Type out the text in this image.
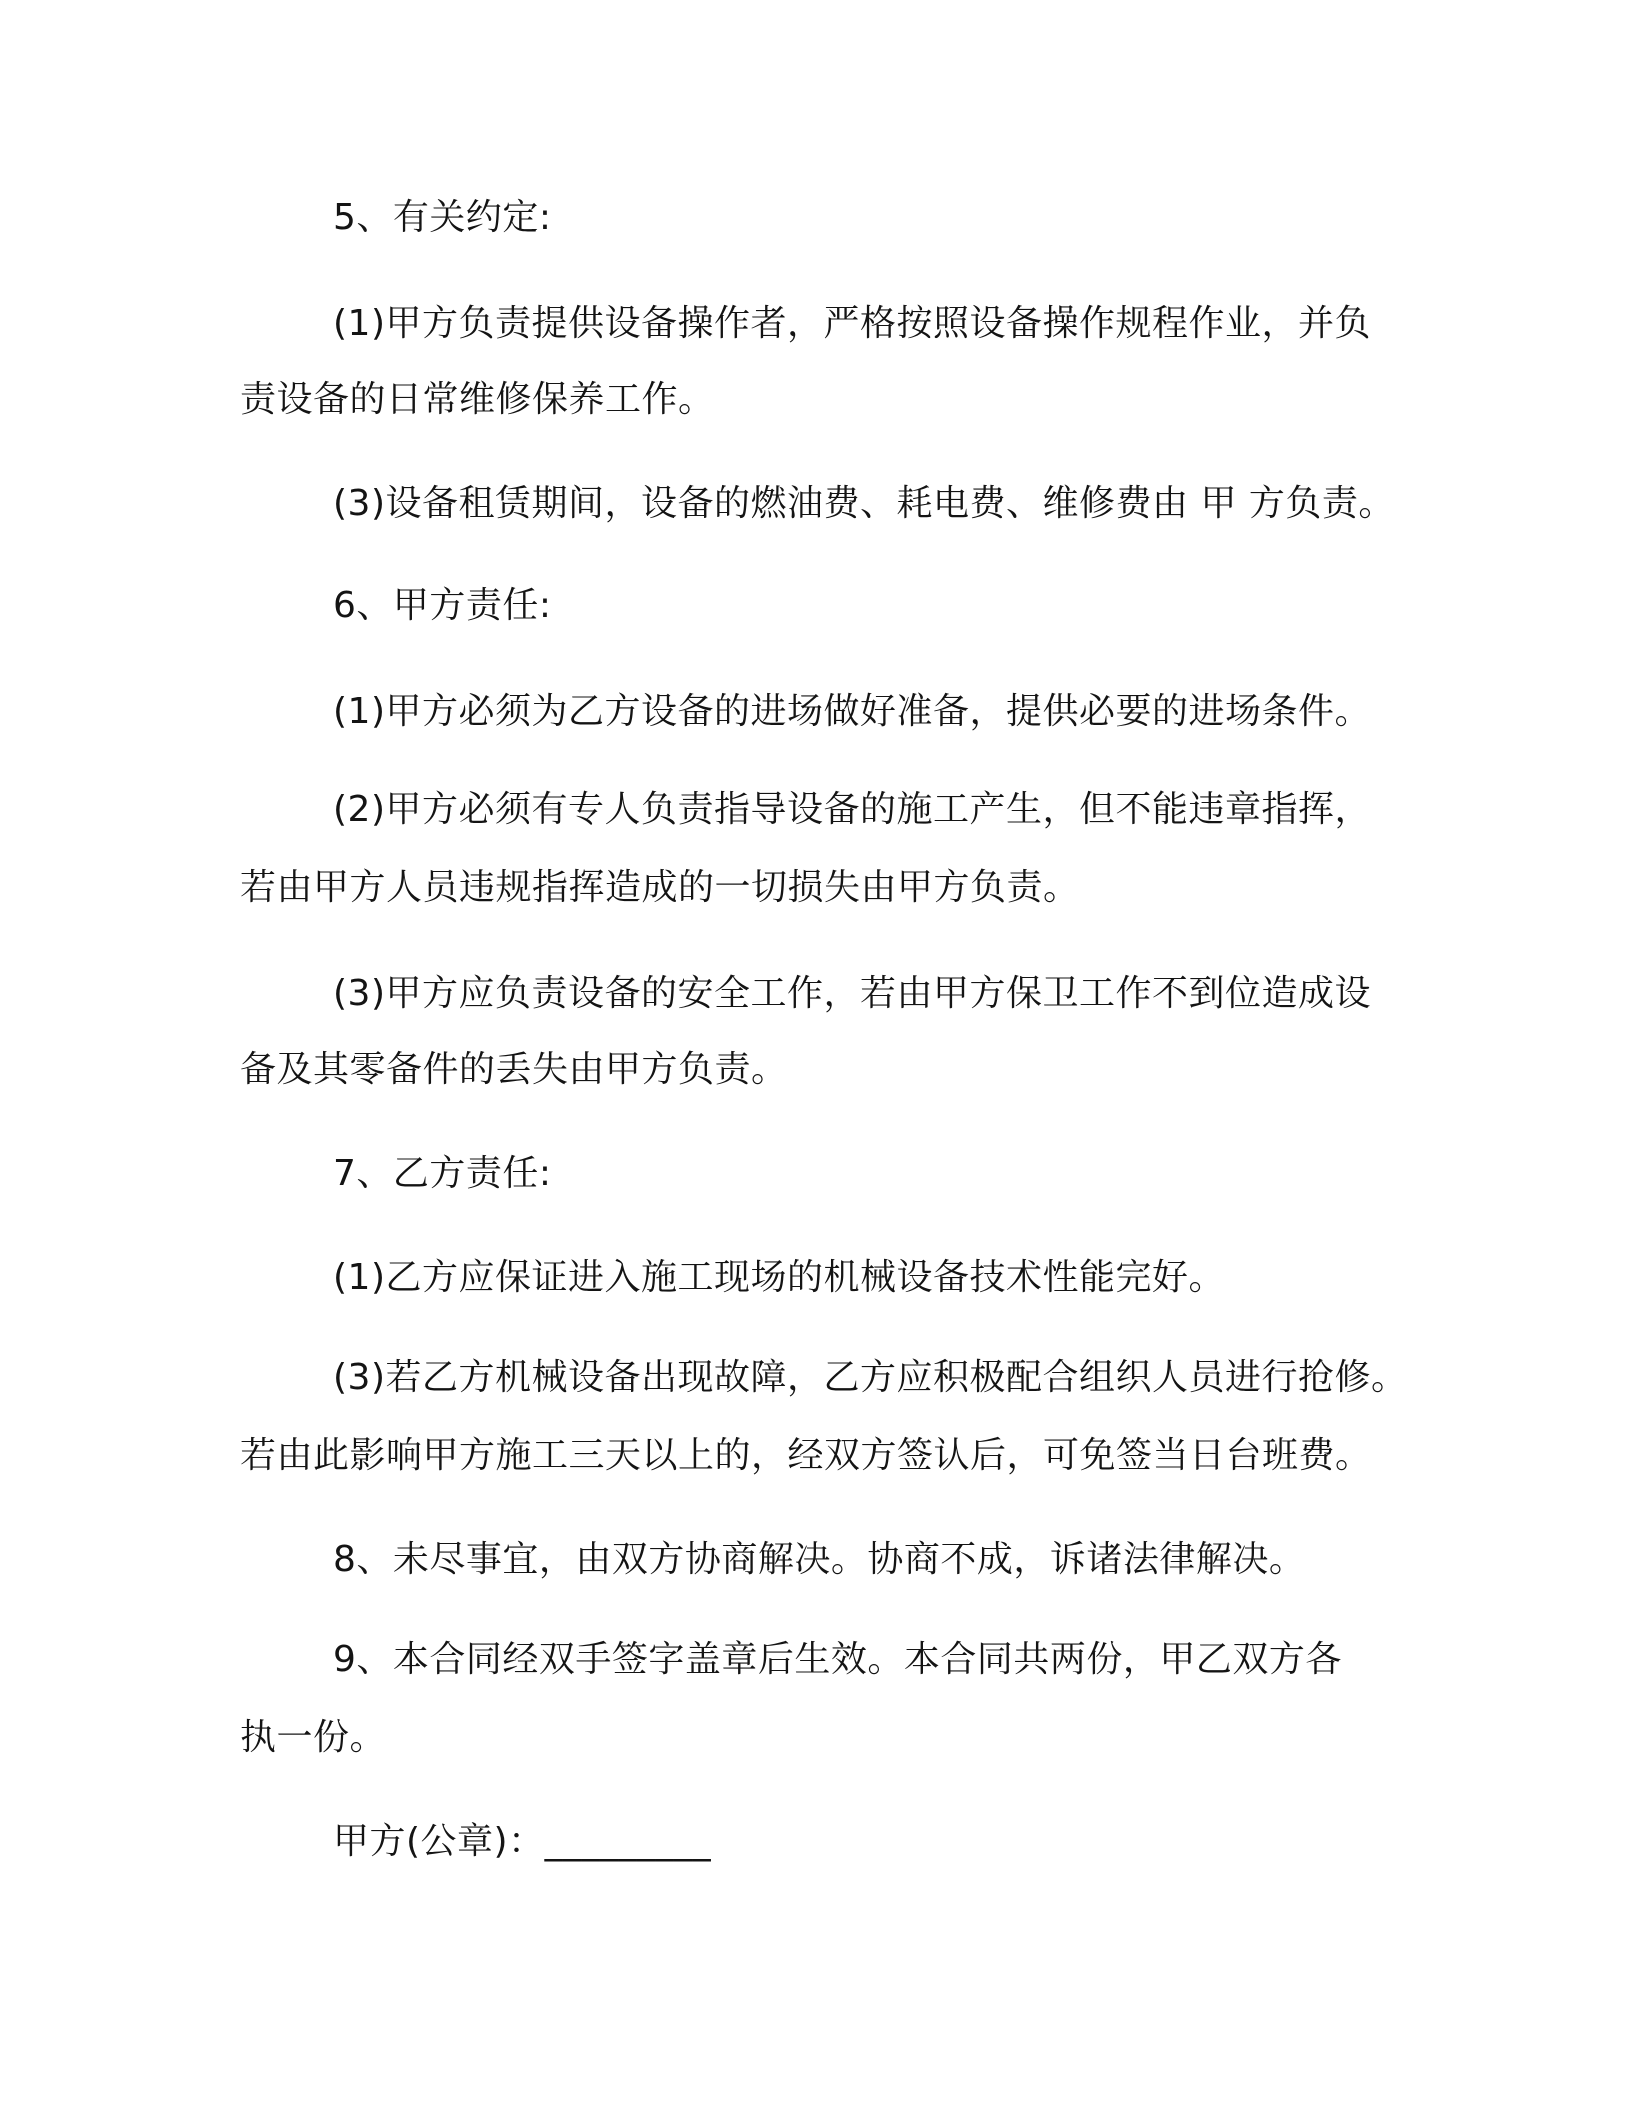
5、有关约定:
(1)甲方负责提供设备操作者，严格按照设备操作规程作业，并负
责设备的日常维修保养工作。
(3)设备租赁期间，设备的燃油费、耗电费、维修费由 甲 方负责。
6、甲方责任:
(1)甲方必须为乙方设备的进场做好准备，提供必要的进场条件。
(2)甲方必须有专人负责指导设备的施工产生，但不能违章指挥，
若由甲方人员违规指挥造成的一切损失由甲方负责。
(3)甲方应负责设备的安全工作，若由甲方保卫工作不到位造成设
备及其零备件的丢失由甲方负责。
7、乙方责任:
(1)乙方应保证进入施工现场的机械设备技术性能完好。
(3)若乙方机械设备出现故障，乙方应积极配合组织人员进行抢修。
若由此影响甲方施工三天以上的，经双方签认后，可免签当日台班费。
8、未尽事宜，由双方协商解决。协商不成，诉诸法律解决。
9、本合同经双手签字盖章后生效。本合同共两份，甲乙双方各
执一份。
甲方(公章)：_________
